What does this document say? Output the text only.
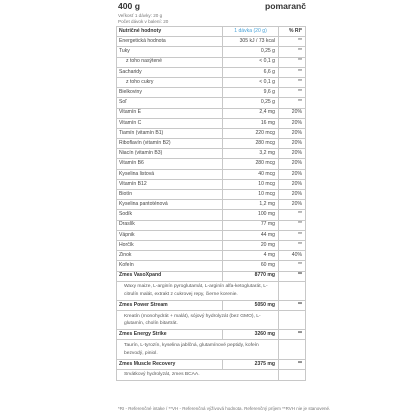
400 g	pomaranč
Veľkosť 1 dávky: 20 g
Počet dávok v balení: 20
Nutričné hodnoty	1 dávka (20 g)	% RI*
Energetická hodnota	305 kJ / 73 kcal	**
Tuky	0,25 g	**
z toho nasýtené	< 0,1 g	**
Sacharidy	6,6 g	**
z toho cukry	< 0,1 g	**
Bielkoviny	9,6 g	**
Soľ	0,25 g	**
Vitamín E	2,4 mg	20%
Vitamín C	16 mg	20%
Tiamín (vitamín B1)	220 mcg	20%
Riboflavín (vitamín B2)	280 mcg	20%
Niacín (vitamín B3)	3,2 mg	20%
Vitamín B6	280 mcg	20%
Kyselina listová	40 mcg	20%
Vitamín B12	10 mcg	20%
Biotín	10 mcg	20%
Kyselina pantoténová	1,2 mg	20%
Sodík	100 mg	**
Draslík	77 mg	**
Vápnik	44 mg	**
Horčík	20 mg	**
Zinok	4 mg	40%
Kofeín	60 mg	**
Zmes VasoXpand	8770 mg	**
Waxy maize, L-arginín pyroglutamát, L-arginín alfa-ketoglutarát, L-citrulín malát, extrakt z cukrovej repy, čierne korenie.		
Zmes Power Stream	5050 mg	**
Kreatín (monohydrát + malát), sójový hydrolyzát (bez GMO), L-glutamín, cholín bitartrát.		
Zmes Energy Strike	3260 mg	**
Taurín, L-tyrozín, kyselina jablčná, glutamínové peptidy, kofeín bezvodý, piniol.		
Zmes Muscle Recovery	2375 mg	**
Srvátkový hydrolyzát, zmes BCAA.		
*RI - Referenčné intake / **VH - Referenčná výživová hodnota. Referenčný príjem **RVH nie je stanovené.
